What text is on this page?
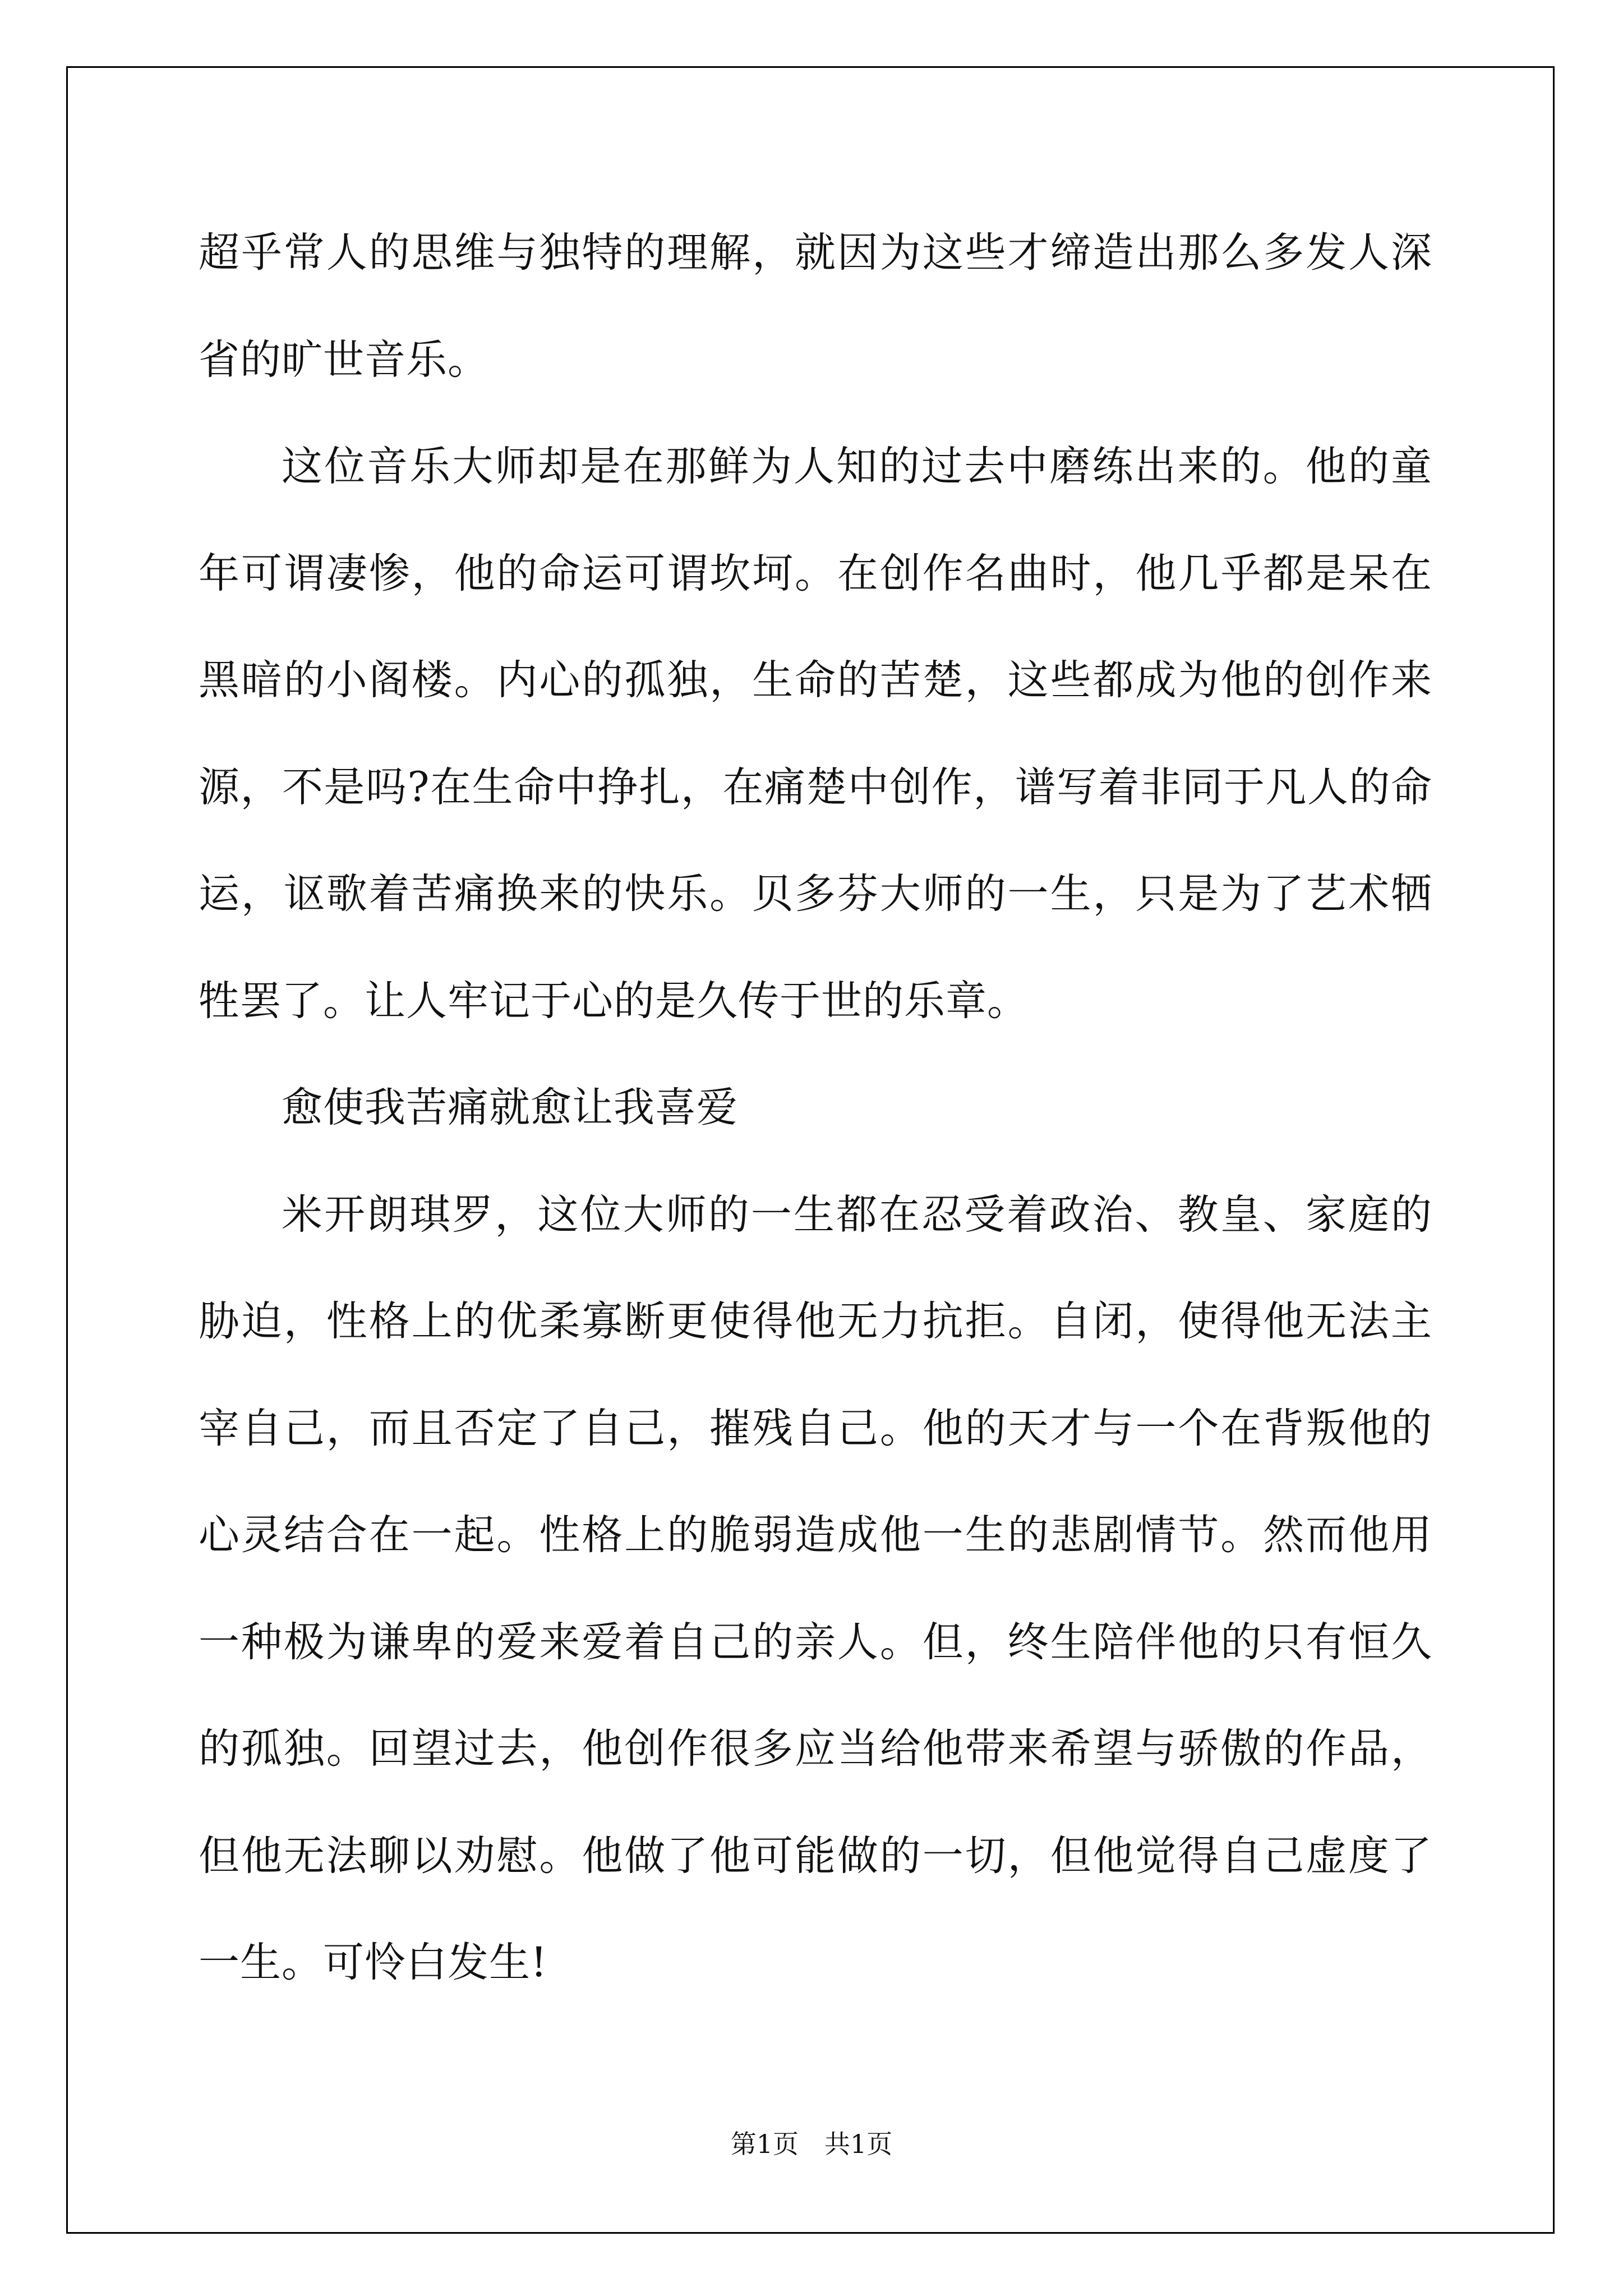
超乎常人的思维与独特的理解，就因为这些才缔造出那么多发人深省的旷世音乐。

这位音乐大师却是在那鲜为人知的过去中磨练出来的。他的童年可谓凄惨，他的命运可谓坎坷。在创作名曲时，他几乎都是呆在黑暗的小阁楼。内心的孤独，生命的苦楚，这些都成为他的创作来源，不是吗?在生命中挣扎，在痛楚中创作，谱写着非同于凡人的命运，讴歌着苦痛换来的快乐。贝多芬大师的一生，只是为了艺术牺牲罢了。让人牢记于心的是久传于世的乐章。

愈使我苦痛就愈让我喜爱

米开朗琪罗，这位大师的一生都在忍受着政治、教皇、家庭的胁迫，性格上的优柔寡断更使得他无力抗拒。自闭，使得他无法主宰自己，而且否定了自己，摧残自己。他的天才与一个在背叛他的心灵结合在一起。性格上的脆弱造成他一生的悲剧情节。然而他用一种极为谦卑的爱来爱着自己的亲人。但，终生陪伴他的只有恒久的孤独。回望过去，他创作很多应当给他带来希望与骄傲的作品，但他无法聊以劝慰。他做了他可能做的一切，但他觉得自己虚度了一生。可怜白发生!

第1页　共1页
